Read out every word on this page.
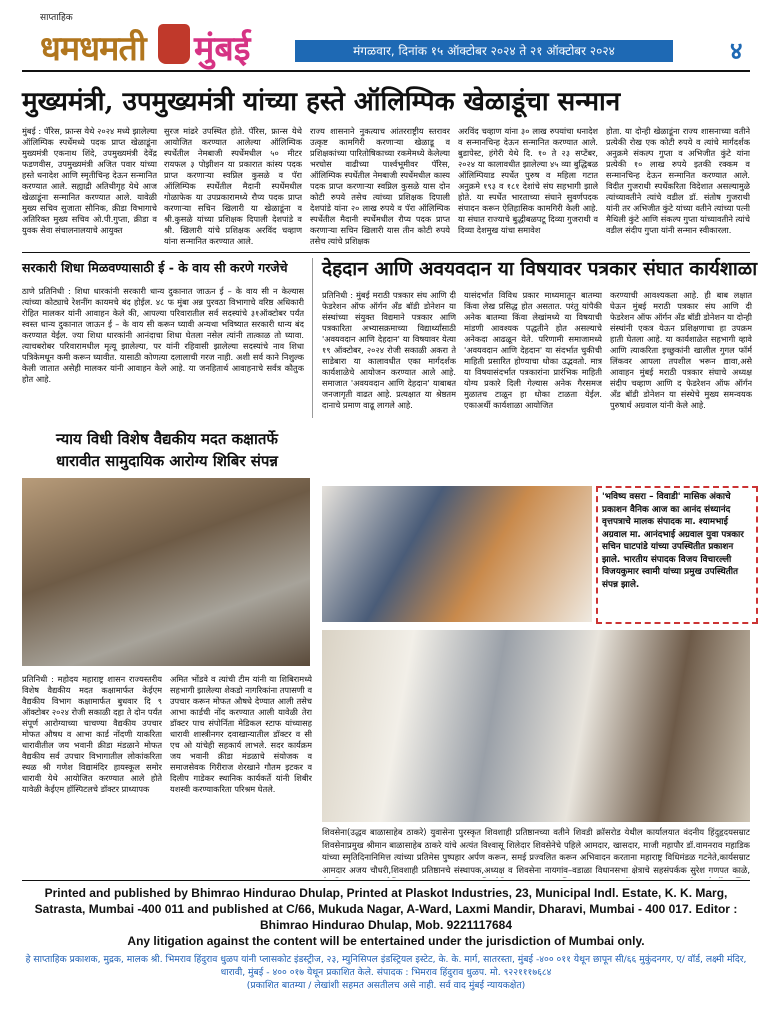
साप्ताहिक
धमधमती मुंबई	मंगळवार, दिनांक १५ ऑक्टोबर २०२४ ते २१ ऑक्टोबर २०२४	४
मुख्यमंत्री, उपमुख्यमंत्री यांच्या हस्ते ऑलिम्पिक खेळाडूंचा सन्मान
मुंबई : पॅरिस, फ्रान्स येथे २०२४ मध्ये झालेल्या ऑलिम्पिक स्पर्धेमध्ये पदक प्राप्त खेळाडूंना मुख्यमंत्री एकनाथ शिंदे, उपमुख्यमंत्री देवेंद्र फडणवीस, उपमुख्यमंत्री अजित पवार यांच्या हस्ते धनादेश आणि स्मृतीचिन्ह देऊन सन्मानित करण्यात आले. सह्याद्री अतिथीगृह येथे आज खेळाडूंना सन्मानित करण्यात आले. यावेळी मुख्य सचिव सुजाता सौनिक, क्रीडा विभागाचे अतिरिक्त मुख्य सचिव ओ.पी.गुप्ता, क्रीडा व युवक सेवा संचालनालयाचे आयुक्त
सुरज मांढरे उपस्थित होते. पॅरिस, फ्रान्स येथे आयोजित करण्यात आलेल्या ऑलिम्पिक स्पर्धेतील नेमबाजी स्पर्धेमधील ५० मीटर रायफल ३ पोझीशन या प्रकारात कांस्य पदक प्राप्त करणाऱ्या स्वप्निल कुसळे व पॅरा ऑलिम्पिक स्पर्धेतील मैदानी स्पर्धेमधील गोळाफेक या उपप्रकारामध्ये रौप्य पदक प्राप्त करणाऱ्या सचिन खिलारी या खेळाडूंना व श्री.कुसळे यांच्या प्रशिक्षक दिपाली देशपांडे व श्री. खिलारी यांचे प्रशिक्षक अरविंद चव्हाण यांना सन्मानित करण्यात आले.
राज्य शासनाने नुकत्याच आंतरराष्ट्रीय स्तरावर उत्कृष्ट कामगिरी करणाऱ्या खेळाडू व प्रशिक्षकांच्या पारितोषिकाच्या रकमेमध्ये केलेल्या भरघोस वाढीच्या पार्श्वभूमीवर पॅरिस, ऑलिम्पिक स्पर्धेतील नेमबाजी स्पर्धेमधील कास्य पदक प्राप्त करणाऱ्या स्वप्निल कुसळे यास दोन कोटी रुपये तसेच त्यांच्या प्रशिक्षक दिपाली देशपांडे यांना २० लाख रुपये व पॅरा ऑलिम्पिक स्पर्धेतील मैदानी स्पर्धेमधील रौप्य पदक प्राप्त करणाऱ्या सचिन खिलारी यास तीन कोटी रुपये तसेच त्यांचे प्रशिक्षक
अरविंद चव्हाण यांना ३० लाख रुपयांचा धनादेश व सन्मानचिन्ह देऊन सन्मानित करण्यात आले. बुडापेस्ट, हंगेरी येथे दि. १० ते २३ सप्टेंबर, २०२४ या कालावधीत झालेल्या ४५ व्या बुद्धिबळ ऑलिम्पियाड स्पर्धेत पुरुष व महिला गटात अनुक्रमे १९३ व १८१ देशांचे संघ सहभागी झाले होते. या स्पर्धेत भारताच्या संघाने सुवर्णपदक संपादन करून ऐतिहासिक कामगिरी केली आहे. या संघात राज्याचे बुद्धीबळपटू दिव्या गुजराथी व दिव्या देशमुख यांचा समावेश
होता. या दोन्ही खेळाडूंना राज्य शासनाच्या वतीने प्रत्येकी रोख एक कोटी रुपये व त्यांचे मार्गदर्शक अनुक्रमे संकल्प गुप्ता व अभिजीत कुंटे यांना प्रत्येकी १० लाख रुपये इतकी रक्कम व सन्मानचिन्ह देऊन सन्मानित करण्यात आले. विदीत गुजराथी स्पर्धेकरिता विदेशात असल्यामुळे त्यांच्यावतीने त्यांचे वडील डॉ. संतोष गुजराथी यांनी तर अभिजीत कुंटे यांच्या वतीने त्यांच्या पत्नी मैथिली कुंटे आणि संकल्प गुप्ता यांच्यावतीने त्यांचे वडील संदीप गुप्ता यांनी सन्मान स्वीकारला.
सरकारी शिधा मिळवण्यासाठी ई - के वाय सी करणे गरजेचे
ठाणे प्रतिनिधी : शिधा धारकांनी सरकारी धान्य दुकानात जाऊन ई – के वाय सी न केल्यास त्यांच्या कोट्याचे रेशनींग कायमचे बंद होईल. ४८ फ मुंबा अन्न पुरवठा विभागाचे वरिष्ठ अधिकारी रोहित मालकर यांनी आवाहन केले की, आपल्या परिवारातील सर्व सदस्यांचे ३१ऑक्टोबर पर्यंत स्वस्त धान्य दुकानात जाऊन ई – के वाय सी करून घ्यावी अन्यथा भविष्यात सरकारी धान्य बंद करण्यात येईल. ज्या शिधा धारकांनी आनंदाचा शिधा घेतला नसेल त्यांनी तात्काळ तो घ्यावा. त्याचबरोबर परिवारामधील मृत्यू झालेल्या, पर यांनी रहिवासी झालेल्या सदस्यांचे नाव शिधा पत्रिकेमधून कमी करून घ्यावीत. यासाठी कोणत्या दलालाची गरज नाही. अशी सर्व काने निशुल्क केली जातात असेही मालकर यांनी आवाहन केले आहे. या जनहितार्थ आवाहनाचे सर्वत्र कौतुक होत आहे.
न्याय विधी विशेष वैद्यकीय मदत कक्षातर्फे
धारावीत सामुदायिक आरोग्य शिबिर संपन्न
प्रतिनिधी : महोदय महाराष्ट्र शासन राज्यस्तरीय विशेष वैद्यकीय मदत कक्षामार्फत केईएम वैद्यकीय विभाग कक्षामार्फत बुधवार दि ९ ऑक्टोबर २०२४ रोजी सकाळी दहा ते दोन पर्यंत संपूर्ण आरोग्याच्या चाचण्या वैद्यकीय उपचार मोफत औषध व आभा कार्ड नोंदणी याकरिता धारावीतील जय भवानी क्रीडा मंडळाने मोफत वैद्यकीय सर्व उपचार विभागातील लोकांकरिता स्थळ श्री गणेश विद्यामंदिर हायस्कूल समोर धारावी येथे आयोजित करण्यात आले होते यावेळी केईएम हॉस्पिटलचे डॉक्टर प्राध्यापक
अमित भोंडवे व त्यांची टीम यांनी या शिबिरामध्ये सहभागी झालेल्या शेकडो नागरिकांना तपासणी व उपचार करून मोफत औषधे देण्यात आली तसेच आभा कार्डची नोंद करण्यात आली यावेळी तेरा डॉक्टर पाच संपोर्निता मेडिकल स्टाफ यांच्यासह धारावी शास्त्रीनगर दवाखान्यातील डॉक्टर व सी एच ओ यांचेही सहकार्य लाभले. सदर कार्यक्रम जय भवानी क्रीडा मंडळाचे संयोजक व समाजसेवक गिरीराज शेरखाने गौतम इटकर व दिलीप गाडेकर स्थानिक कार्यकर्ते यांनी शिबीर यशस्वी करण्याकरिता परिश्रम घेतले.
देहदान आणि अवयवदान या विषयावर पत्रकार संघात कार्यशाळा
प्रतिनिधी : मुंबई मराठी पत्रकार संघ आणि दी फेडरेशन ऑफ ऑर्गन अँड बॉडी डोनेशन या संस्थांच्या संयुक्त विद्यमाने पत्रकार आणि पत्रकारिता अभ्यासक्रमाच्या विद्यार्थ्यांसाठी 'अवयवदान आणि देहदान' या विषयावर येत्या १९ ऑक्टोबर, २०२४ रोजी सकाळी अकरा ते साडेबारा या कालावधीत एका मार्गदर्शक कार्यशाळेचे आयोजन करण्यात आले आहे. समाजात 'अवयवदान आणि देहदान' याबाबत जनजागृती वाढत आहे. प्रत्यक्षात या श्रेष्ठतम दानाचे प्रमाण वाढू लागले आहे.
यासंदर्भात विविध प्रकार माध्यमातून बातम्या किंवा लेख प्रसिद्ध होत असतात. परंतु यांपैकी अनेक बातम्या किंवा लेखांमध्ये या विषयाची मांडणी आवश्यक पद्धतीने होत असल्याचे अनेकदा आढळून येते. परिणामी समाजामध्ये 'अवयवदान आणि देहदान' या संदर्भात चुकीची माहिती प्रसारित होण्याचा धोका उद्भवतो. मात्र या विषयासंदर्भात पत्रकारांना प्रारंभिक माहिती योग्य प्रकारे दिली गेल्यास अनेक गैरसमज मुळातच टाळून हा धोका टाळता येईल. एकाअर्थी कार्यशाळा आयोजित
करण्याची आवश्यकता आहे. ही बाब लक्षात घेऊन मुंबई मराठी पत्रकार संघ आणि दी फेडरेशन ऑफ ऑर्गन अँड बॉडी डोनेशन या दोन्ही संस्थांनी एकत्र येऊन प्रशिक्षणाचा हा उपक्रम हाती घेतला आहे. या कार्यशाळेत सहभागी व्हावे आणि त्याकरिता इच्छुकांनी खालील गुगल फॉर्म लिंकवर आपला तपशील भरून द्यावा,असे आवाहन मुंबई मराठी पत्रकार संघाचे अध्यक्ष संदीप चव्हाण आणि द फेडरेशन ऑफ ऑर्गन अँड बॉडी डोनेशन या संस्थेचे मुख्य समन्वयक पुरुषार्थ अग्रवाल यांनी केले आहे.
'भविष्य वसरा – विवाडी' मासिक अंकाचे प्रकाशन वैनिक आज का आनंद संध्यानंद वृत्तपत्राचे मालक संपादक मा. श्यामभाई अग्रवाल मा. आनंदभाई अग्रवाल युवा पत्रकार सचिन घाटपांडे यांच्या उपस्थितीत प्रकाशन झाले. भारतीय संपादक विजय विचारल्ली विजयकुमार स्वामी यांच्या प्रमुख उपस्थितीत संपन्न झाले.
शिवसेना(उद्धव बाळासाहेब ठाकरे) युवासेना पुरस्कृत शिवशाही प्रतिष्ठानच्या वतीने शिवडी क्रॉसरोड येथील कार्यालयात वंदनीय हिंदुहृदयसम्राट शिवसेनाप्रमुख श्रीमान बाळासाहेब ठाकरे यांचे अत्यंत विश्वासू शिलेदार शिवसेनेचे पहिले आमदार, खासदार, माजी महापौर डॉ.वामनराव महाडिक यांच्या स्मृतिदिनानिमित्त त्यांच्या प्रतिमेस पुष्पहार अर्पण करून, समई प्रज्वलित करून अभिवादन करताना महाराष्ट्र विधिमंडळ गटनेते,कार्यसम्राट आमदार अजय चौधरी,शिवशाही प्रतिष्ठानचे संस्थापक,अध्यक्ष व शिवसेना नायगांव–वडाळा विधानसभा क्षेत्राचे सहसंपर्कक सुरेश गणपत काळे,
Printed and published by Bhimrao Hindurao Dhulap, Printed at Plaskot Industries, 23, Municipal Indl. Estate, K. K. Marg, Satrasta, Mumbai -400 011 and published at C/66, Mukuda Nagar, A-Ward, Laxmi Mandir, Dharavi, Mumbai - 400 017. Editor : Bhimrao Hindurao Dhulap, Mob. 9221117684
Any litigation against the content will be entertained under the jurisdiction of Mumbai only.
हे साप्ताहिक प्रकाशक, मुद्रक, मालक श्री. भिमराव हिंदुराव धुळप यांनी प्लासकोट इंडस्ट्रीज, २३, म्युनिसिपल इंडस्ट्रियल इस्टेट, के. के. मार्ग, सातरस्ता, मुंबई -४०० ०११ येथून छापून सी/६६ मुकुंदनगर, ए/ वॉर्ड, लक्ष्मी मंदिर, धारावी, मुंबई - ४०० ०१७ येथून प्रकाशित केले. संपादक : भिमराव हिंदुराव धुळप. मो. ९२२१११७६८४
(प्रकाशित बातम्या / लेखांशी सहमत असतीलच असे नाही. सर्व वाद मुंबई न्यायकक्षेत)
